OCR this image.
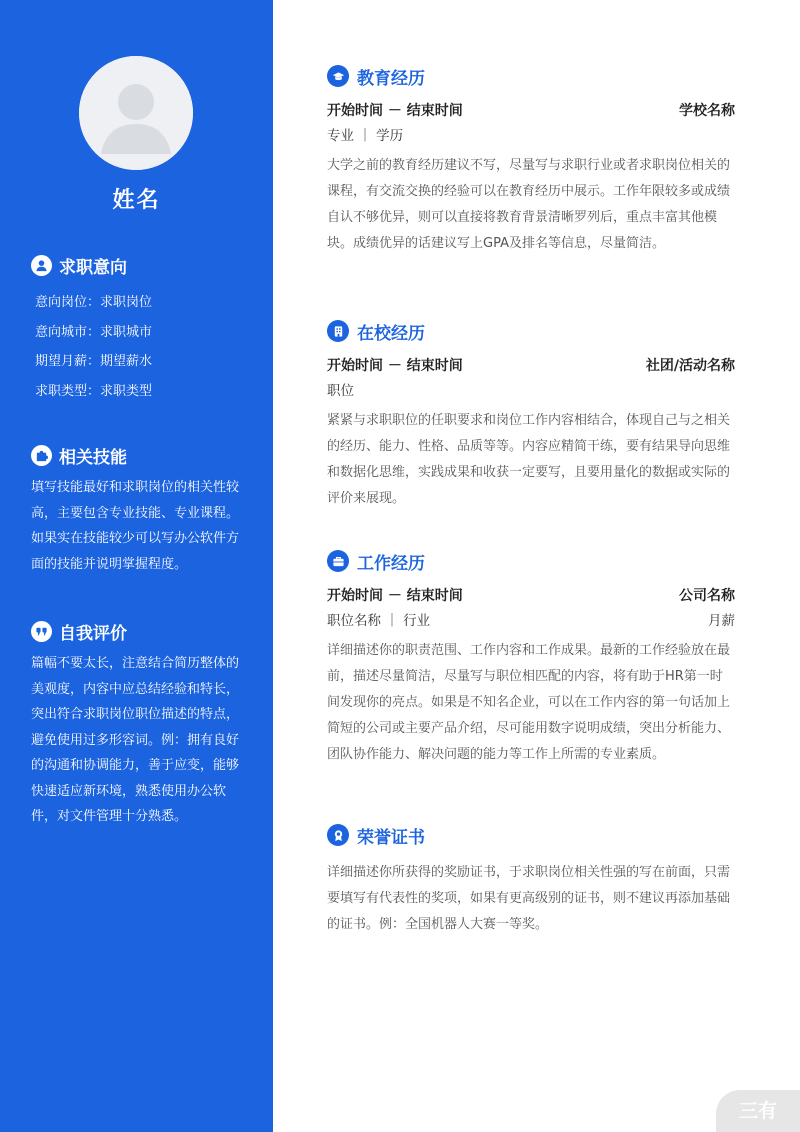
姓名
求职意向
意向岗位：求职岗位
意向城市：求职城市
期望月薪：期望薪水
求职类型：求职类型
相关技能
填写技能最好和求职岗位的相关性较高，主要包含专业技能、专业课程。如果实在技能较少可以写办公软件方面的技能并说明掌握程度。
自我评价
篇幅不要太长，注意结合简历整体的美观度，内容中应总结经验和特长，突出符合求职岗位职位描述的特点，避免使用过多形容词。例：拥有良好的沟通和协调能力，善于应变，能够快速适应新环境，熟悉使用办公软件，对文件管理十分熟悉。
教育经历
开始时间 － 结束时间	学校名称
专业 ｜ 学历
大学之前的教育经历建议不写，尽量写与求职行业或者求职岗位相关的课程，有交流交换的经验可以在教育经历中展示。工作年限较多或成绩自认不够优异，则可以直接将教育背景清晰罗列后，重点丰富其他模块。成绩优异的话建议写上GPA及排名等信息，尽量简洁。
在校经历
开始时间 － 结束时间	社团/活动名称
职位
紧紧与求职职位的任职要求和岗位工作内容相结合，体现自己与之相关的经历、能力、性格、品质等等。内容应精简干练，要有结果导向思维和数据化思维，实践成果和收获一定要写，且要用量化的数据或实际的评价来展现。
工作经历
开始时间 － 结束时间	公司名称
职位名称 ｜ 行业	月薪
详细描述你的职责范围、工作内容和工作成果。最新的工作经验放在最前，描述尽量简洁，尽量写与职位相匹配的内容，将有助于HR第一时间发现你的亮点。如果是不知名企业，可以在工作内容的第一句话加上简短的公司或主要产品介绍，尽可能用数字说明成绩，突出分析能力、团队协作能力、解决问题的能力等工作上所需的专业素质。
荣誉证书
详细描述你所获得的奖励证书，于求职岗位相关性强的写在前面，只需要填写有代表性的奖项，如果有更高级别的证书，则不建议再添加基础的证书。例：全国机器人大赛一等奖。
三有
